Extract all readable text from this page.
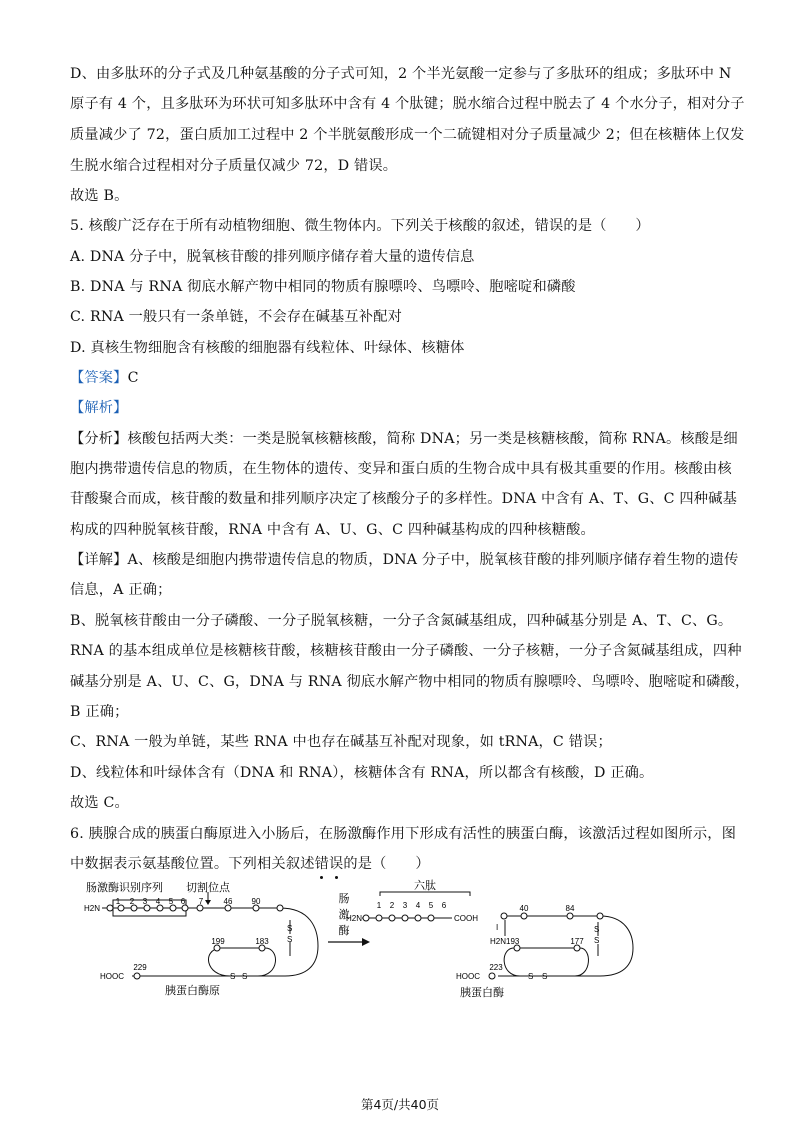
D、由多肽环的分子式及几种氨基酸的分子式可知，2 个半光氨酸一定参与了多肽环的组成；多肽环中 N
原子有 4 个，且多肽环为环状可知多肽环中含有 4 个肽键；脱水缩合过程中脱去了 4 个水分子，相对分子
质量减少了 72，蛋白质加工过程中 2 个半胱氨酸形成一个二硫键相对分子质量减少 2；但在核糖体上仅发
生脱水缩合过程相对分子质量仅减少 72，D 错误。
故选 B。
5. 核酸广泛存在于所有动植物细胞、微生物体内。下列关于核酸的叙述，错误的是（　　）
A. DNA 分子中，脱氧核苷酸的排列顺序储存着大量的遗传信息
B. DNA 与 RNA 彻底水解产物中相同的物质有腺嘌呤、鸟嘌呤、胞嘧啶和磷酸
C. RNA 一般只有一条单链，不会存在碱基互补配对
D. 真核生物细胞含有核酸的细胞器有线粒体、叶绿体、核糖体
【答案】C
【解析】
【分析】核酸包括两大类：一类是脱氧核糖核酸，简称 DNA；另一类是核糖核酸，简称 RNA。核酸是细
胞内携带遗传信息的物质，在生物体的遗传、变异和蛋白质的生物合成中具有极其重要的作用。核酸由核
苷酸聚合而成，核苷酸的数量和排列顺序决定了核酸分子的多样性。DNA 中含有 A、T、G、C 四种碱基
构成的四种脱氧核苷酸，RNA 中含有 A、U、G、C 四种碱基构成的四种核糖酸。
【详解】A、核酸是细胞内携带遗传信息的物质，DNA 分子中，脱氧核苷酸的排列顺序储存着生物的遗传
信息，A 正确；
B、脱氧核苷酸由一分子磷酸、一分子脱氧核糖，一分子含氮碱基组成，四种碱基分别是 A、T、C、G。
RNA 的基本组成单位是核糖核苷酸，核糖核苷酸由一分子磷酸、一分子核糖，一分子含氮碱基组成，四种
碱基分别是 A、U、C、G，DNA 与 RNA 彻底水解产物中相同的物质有腺嘌呤、鸟嘌呤、胞嘧啶和磷酸，
B 正确；
C、RNA 一般为单链，某些 RNA 中也存在碱基互补配对现象，如 tRNA，C 错误；
D、线粒体和叶绿体含有（DNA 和 RNA），核糖体含有 RNA，所以都含有核酸，D 正确。
故选 C。
6. 胰腺合成的胰蛋白酶原进入小肠后，在肠激酶作用下形成有活性的胰蛋白酶，该激活过程如图所示，图
中数据表示氨基酸位置。下列相关叙述错误的是（　　）
肠激酶识别序列 切割位点
H2N
1 2 3 4 5 6 7	46 90
199	183
229
HOOC
S
S
S S
胰蛋白酶原
肠
激
酶
六肽
H2N
1 2 3 4 5 6
COOH
40	84
I
H2N 193	177
223
HOOC
S
S
S S
胰蛋白酶
第4页/共40页
